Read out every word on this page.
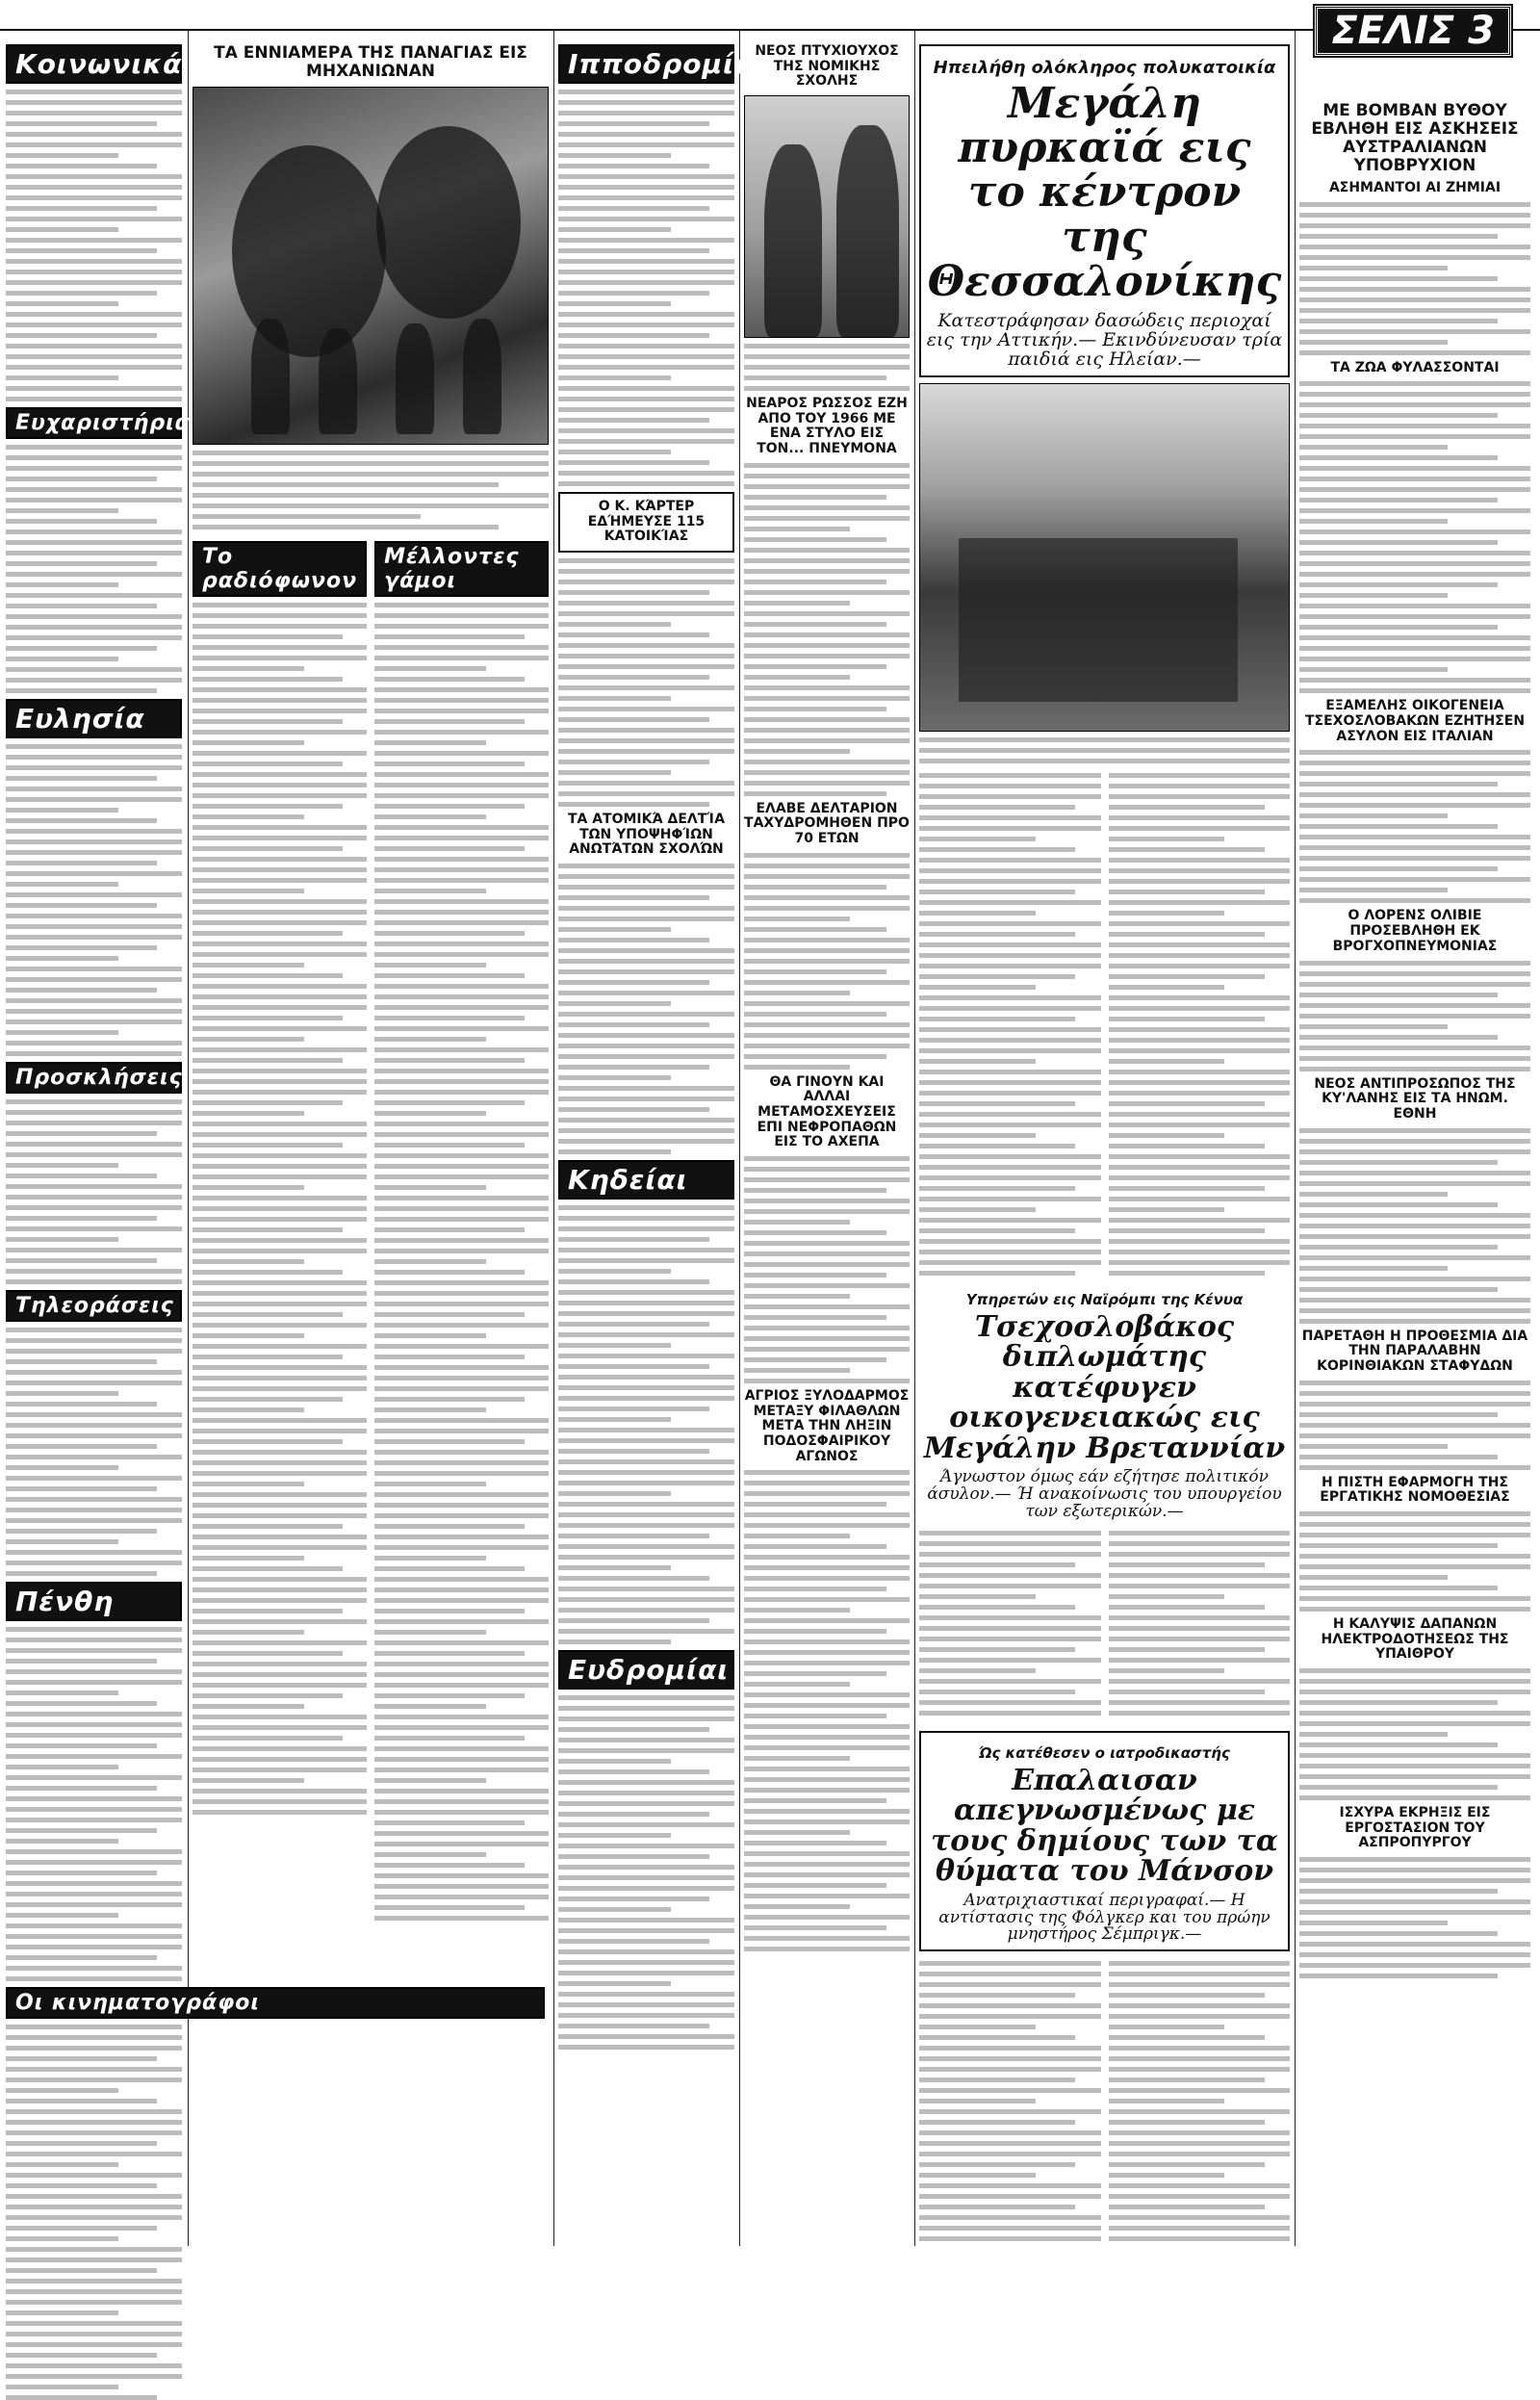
ΣΕΛΙΣ 3
Κοινωνικά
Ευχαριστήρια
Ευλησία
Προσκλήσεις
Τηλεοράσεις
Πένθη
Οι κινηματογράφοι
ΤΑ ΕΝΝΙΑΜΕΡΑ ΤΗΣ ΠΑΝΑΓΙΑΣ ΕΙΣ ΜΗΧΑΝΙΩΝΑΝ
Το ραδιόφωνον
Μέλλοντες γάμοι
Ιπποδρομίαι
Ο Κ. ΚΆΡΤΕΡ ΕΔΉΜΕΥΣΕ 115 ΚΑΤΟΙΚΊΑΣ
ΤΑ ΑΤΟΜΙΚΆ ΔΕΛΤΊΑ ΤΩΝ ΥΠΟΨΗΦΊΩΝ ΑΝΩΤΆΤΩΝ ΣΧΟΛΏΝ
Κηδείαι
Ευδρομίαι
ΝΕΟΣ ΠΤΥΧΙΟΥΧΟΣ ΤΗΣ ΝΟΜΙΚΗΣ ΣΧΟΛΗΣ
ΝΕΑΡΟΣ ΡΩΣΣΟΣ ΕΖΗ ΑΠΟ ΤΟΥ 1966 ΜΕ ΕΝΑ ΣΤΥΛΟ ΕΙΣ ΤΟΝ... ΠΝΕΥΜΟΝΑ
ΕΛΑΒΕ ΔΕΛΤΑΡΙΟΝ ΤΑΧΥΔΡΟΜΗΘΕΝ ΠΡΟ 70 ΕΤΩΝ
ΘΑ ΓΙΝΟΥΝ ΚΑΙ ΑΛΛΑΙ ΜΕΤΑΜΟΣΧΕΥΣΕΙΣ ΕΠΙ ΝΕΦΡΟΠΑΘΩΝ ΕΙΣ ΤΟ ΑΧΕΠΑ
ΑΓΡΙΟΣ ΞΥΛΟΔΑΡΜΟΣ ΜΕΤΑΞΥ ΦΙΛΑΘΛΩΝ ΜΕΤΑ ΤΗΝ ΛΗΞΙΝ ΠΟΔΟΣΦΑΙΡΙΚΟΥ ΑΓΩΝΟΣ
Ηπειλήθη ολόκληρος πολυκατοικία
Μεγάλη πυρκαϊά εις το κέντρον της Θεσσαλονίκης
Κατεστράφησαν δασώδεις περιοχαί εις την Αττικήν.— Εκινδύνευσαν τρία παιδιά εις Ηλείαν.—
Υπηρετών εις Ναϊρόμπι της Κένυα
Τσεχοσλοβάκος διπλωμάτης κατέφυγεν οικογενειακώς εις Μεγάλην Βρεταννίαν
Άγνωστον όμως εάν εζήτησε πολιτικόν άσυλον.— Ή ανακοίνωσις του υπουργείου των εξωτερικών.—
Ώς κατέθεσεν ο ιατροδικαστής
Επαλαισαν απεγνωσμένως με τους δημίους των τα θύματα του Μάνσον
Ανατριχιαστικαί περιγραφαί.— Η αντίστασις της Φόλγκερ και του πρώην μνηστήρος Σέμπριγκ.—
ΜΕ ΒΟΜΒΑΝ ΒΥΘΟΥ ΕΒΛΗΘΗ ΕΙΣ ΑΣΚΗΣΕΙΣ ΑΥΣΤΡΑΛΙΑΝΩΝ ΥΠΟΒΡΥΧΙΟΝ
ΑΣΗΜΑΝΤΟΙ ΑΙ ΖΗΜΙΑΙ
ΤΑ ΖΩΑ ΦΥΛΑΣΣΟΝΤΑΙ
ΕΞΑΜΕΛΗΣ ΟΙΚΟΓΕΝΕΙΑ ΤΣΕΧΟΣΛΟΒΑΚΩΝ ΕΖΗΤΗΣΕΝ ΑΣΥΛΟΝ ΕΙΣ ΙΤΑΛΙΑΝ
Ο ΛΟΡΕΝΣ ΟΛΙΒΙΕ ΠΡΟΣΕΒΛΗΘΗ ΕΚ ΒΡΟΓΧΟΠΝΕΥΜΟΝΙΑΣ
ΝΕΟΣ ΑΝΤΙΠΡΟΣΩΠΟΣ ΤΗΣ ΚΥ'ΛΑΝΗΣ ΕΙΣ ΤΑ ΗΝΩΜ. ΕΘΝΗ
ΠΑΡΕΤΑΘΗ Η ΠΡΟΘΕΣΜΙΑ ΔΙΑ ΤΗΝ ΠΑΡΑΛΑΒΗΝ ΚΟΡΙΝΘΙΑΚΩΝ ΣΤΑΦΥΔΩΝ
Η ΠΙΣΤΗ ΕΦΑΡΜΟΓΗ ΤΗΣ ΕΡΓΑΤΙΚΗΣ ΝΟΜΟΘΕΣΙΑΣ
Η ΚΑΛΥΨΙΣ ΔΑΠΑΝΩΝ ΗΛΕΚΤΡΟΔΟΤΗΣΕΩΣ ΤΗΣ ΥΠΑΙΘΡΟΥ
ΙΣΧΥΡΑ ΕΚΡΗΞΙΣ ΕΙΣ ΕΡΓΟΣΤΑΣΙΟΝ ΤΟΥ ΑΣΠΡΟΠΥΡΓΟΥ
